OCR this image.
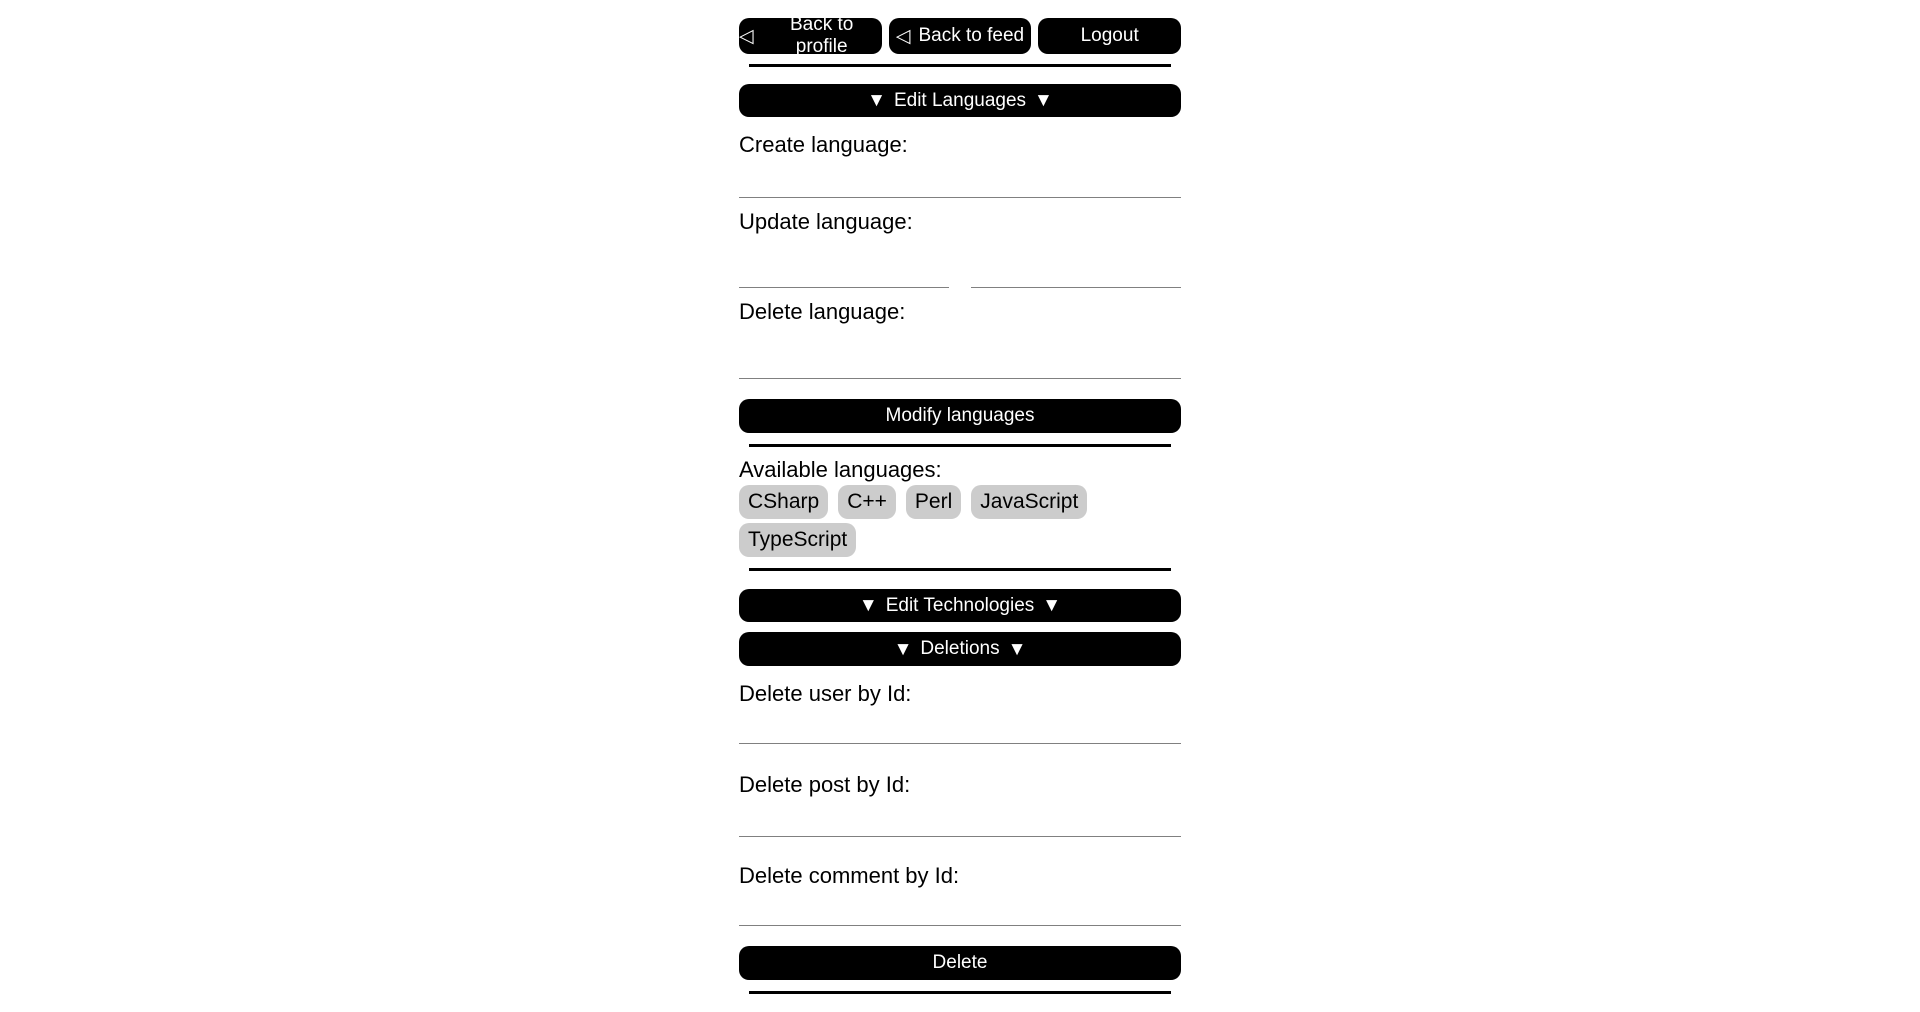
◁
Back to profile	◁ Back to feed	Logout
▼ Edit Languages ▼
Create language:
Update language:
Delete language:
Modify languages
Available languages:
CSharp	C++	Perl	JavaScript
TypeScript
▼ Edit Technologies ▼
▼ Deletions ▼
Delete user by Id:
Delete post by Id:
Delete comment by Id:
Delete
